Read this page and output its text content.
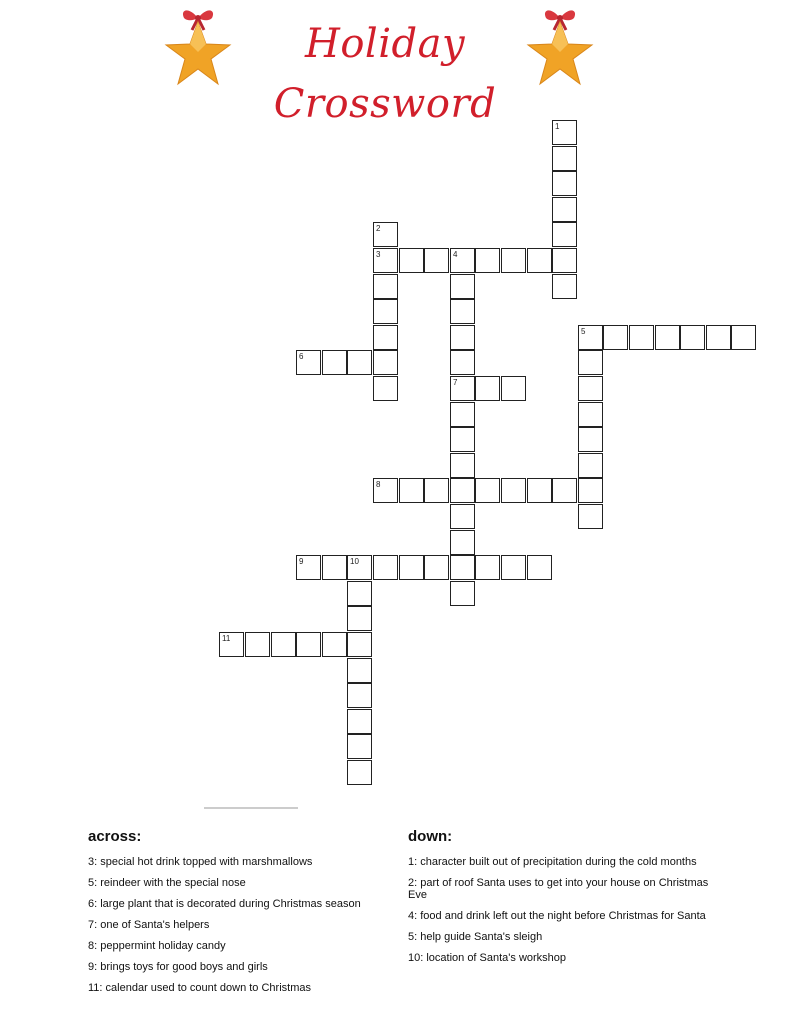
Holiday Crossword	1
2
3	4
7
5
6
8
9	10
11
across:
3: special hot drink topped with marshmallows
5: reindeer with the special nose
6: large plant that is decorated during Christmas season
7: one of Santa's helpers
8: peppermint holiday candy
9: brings toys for good boys and girls
11: calendar used to count down to Christmas
down:
1: character built out of precipitation during the cold months
2: part of roof Santa uses to get into your house on Christmas Eve
4: food and drink left out the night before Christmas for Santa
5: help guide Santa's sleigh
10: location of Santa's workshop
